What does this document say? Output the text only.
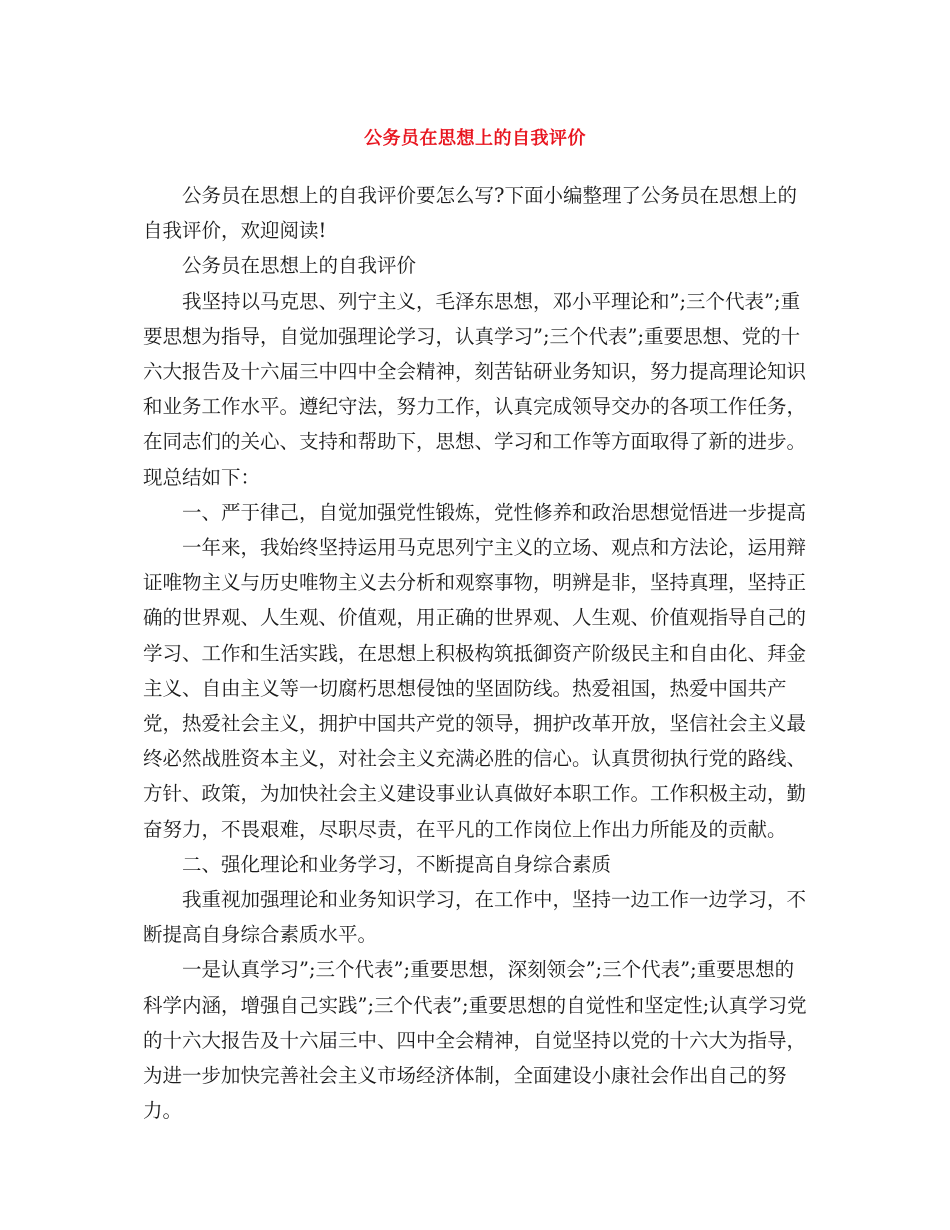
公务员在思想上的自我评价

公务员在思想上的自我评价要怎么写?下面小编整理了公务员在思想上的自我评价，欢迎阅读!

公务员在思想上的自我评价

我坚持以马克思、列宁主义，毛泽东思想，邓小平理论和”;三个代表”;重要思想为指导，自觉加强理论学习，认真学习”;三个代表”;重要思想、党的十六大报告及十六届三中四中全会精神，刻苦钻研业务知识，努力提高理论知识和业务工作水平。遵纪守法，努力工作，认真完成领导交办的各项工作任务，在同志们的关心、支持和帮助下，思想、学习和工作等方面取得了新的进步。现总结如下：

一、严于律己，自觉加强党性锻炼，党性修养和政治思想觉悟进一步提高

一年来，我始终坚持运用马克思列宁主义的立场、观点和方法论，运用辩证唯物主义与历史唯物主义去分析和观察事物，明辨是非，坚持真理，坚持正确的世界观、人生观、价值观，用正确的世界观、人生观、价值观指导自己的学习、工作和生活实践，在思想上积极构筑抵御资产阶级民主和自由化、拜金主义、自由主义等一切腐朽思想侵蚀的坚固防线。热爱祖国，热爱中国共产党，热爱社会主义，拥护中国共产党的领导，拥护改革开放，坚信社会主义最终必然战胜资本主义，对社会主义充满必胜的信心。认真贯彻执行党的路线、方针、政策，为加快社会主义建设事业认真做好本职工作。工作积极主动，勤奋努力，不畏艰难，尽职尽责，在平凡的工作岗位上作出力所能及的贡献。

二、强化理论和业务学习，不断提高自身综合素质

我重视加强理论和业务知识学习，在工作中，坚持一边工作一边学习，不断提高自身综合素质水平。

一是认真学习”;三个代表”;重要思想，深刻领会”;三个代表”;重要思想的科学内涵，增强自己实践”;三个代表”;重要思想的自觉性和坚定性;认真学习党的十六大报告及十六届三中、四中全会精神，自觉坚持以党的十六大为指导，为进一步加快完善社会主义市场经济体制，全面建设小康社会作出自己的努力。
